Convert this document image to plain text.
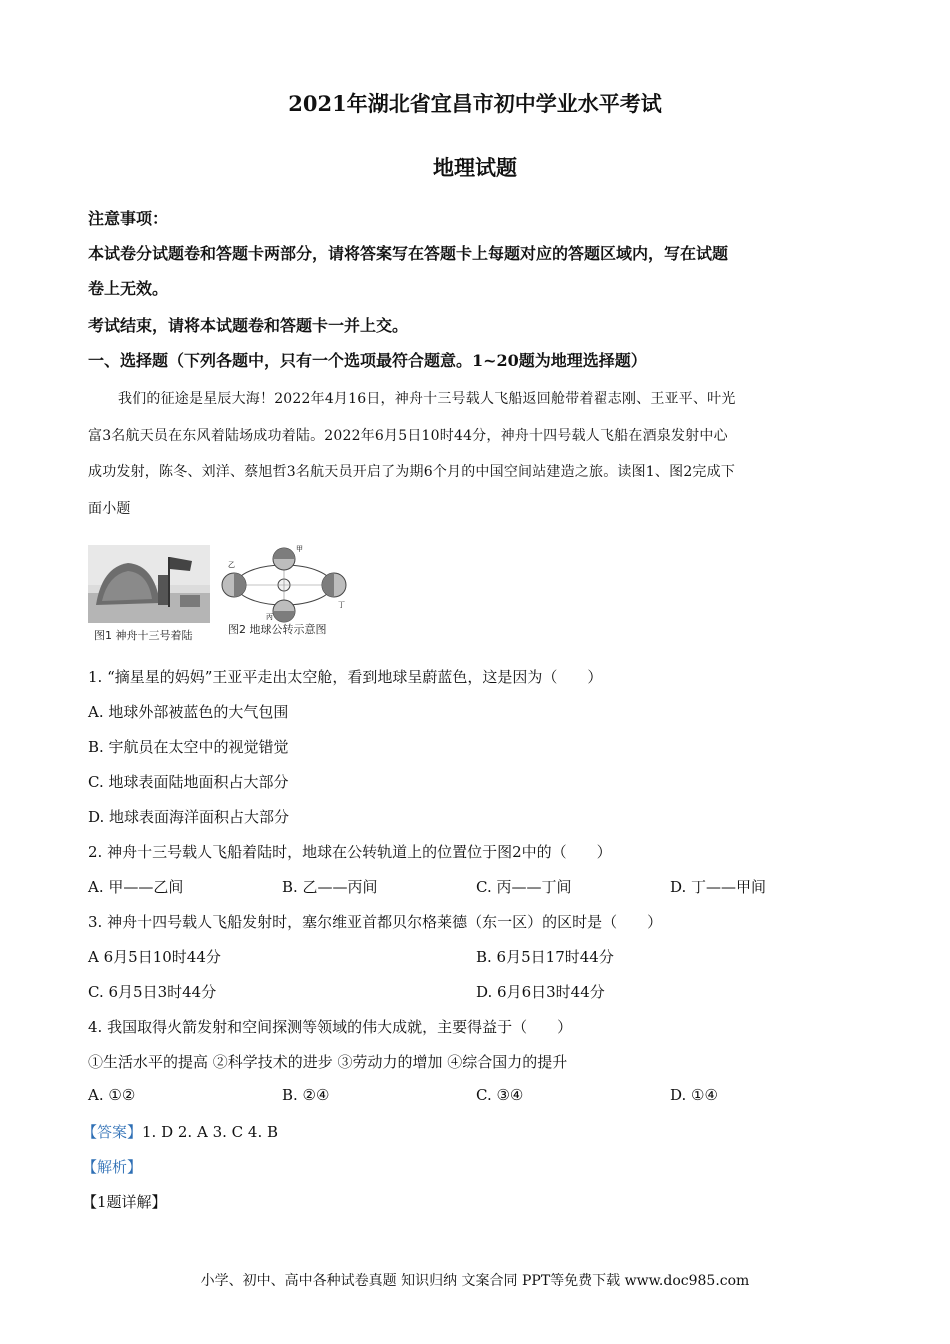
2021年湖北省宜昌市初中学业水平考试
地理试题
注意事项：
本试卷分试题卷和答题卡两部分，请将答案写在答题卡上每题对应的答题区域内，写在试题
卷上无效。
考试结束，请将本试题卷和答题卡一并上交。
一、选择题（下列各题中，只有一个选项最符合题意。1~20题为地理选择题）
我们的征途是星辰大海！2022年4月16日，神舟十三号载人飞船返回舱带着翟志刚、王亚平、叶光
富3名航天员在东风着陆场成功着陆。2022年6月5日10时44分，神舟十四号载人飞船在酒泉发射中心
成功发射，陈冬、刘洋、蔡旭哲3名航天员开启了为期6个月的中国空间站建造之旅。读图1、图2完成下
面小题
图1 神舟十三号着陆
乙
甲
丙
丁
图2 地球公转示意图
1. “摘星星的妈妈”王亚平走出太空舱，看到地球呈蔚蓝色，这是因为（　　）
A. 地球外部被蓝色的大气包围
B. 宇航员在太空中的视觉错觉
C. 地球表面陆地面积占大部分
D. 地球表面海洋面积占大部分
2. 神舟十三号载人飞船着陆时，地球在公转轨道上的位置位于图2中的（　　）
A. 甲——乙间	B. 乙——丙间	C. 丙——丁间	D. 丁——甲间
3. 神舟十四号载人飞船发射时，塞尔维亚首都贝尔格莱德（东一区）的区时是（　　）
A 6月5日10时44分	B. 6月5日17时44分
C. 6月5日3时44分	D. 6月6日3时44分
4. 我国取得火箭发射和空间探测等领域的伟大成就，主要得益于（　　）
①生活水平的提高 ②科学技术的进步 ③劳动力的增加 ④综合国力的提升
A. ①②	B. ②④	C. ③④	D. ①④
【答案】1. D 2. A 3. C 4. B
【解析】
【1题详解】
小学、初中、高中各种试卷真题 知识归纳 文案合同 PPT等免费下载 www.doc985.com
